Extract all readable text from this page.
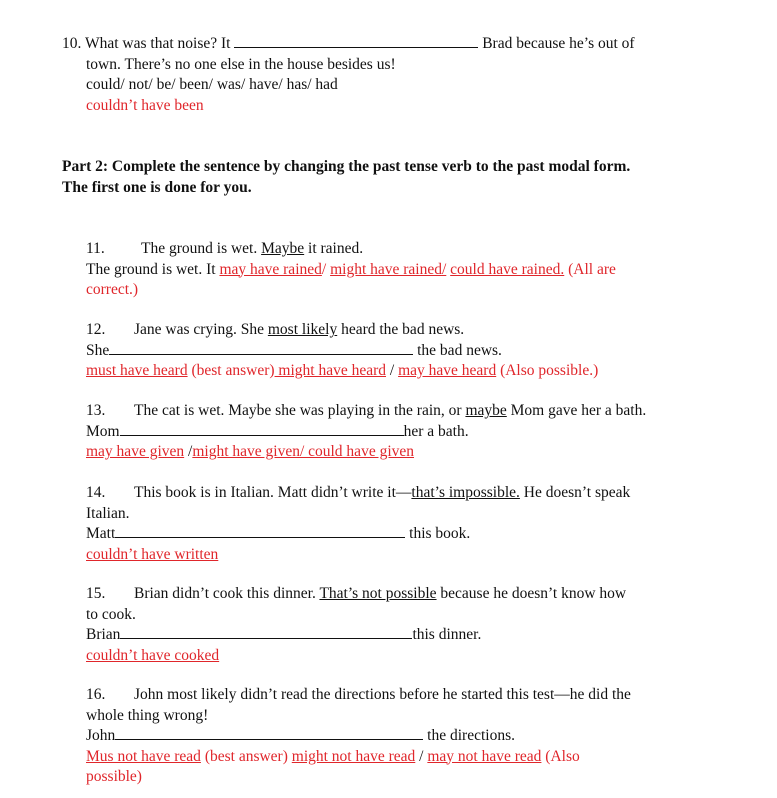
10. What was that noise? It	Brad because he’s out of
town. There’s no one else in the house besides us!
could/ not/ be/ been/ was/ have/ has/ had
couldn’t have been
Part 2: Complete the sentence by changing the past tense verb to the past modal form.
The first one is done for you.
11. The ground is wet. Maybe it rained.
The ground is wet. It may have rained/ might have rained/ could have rained. (All are
correct.)
12. Jane was crying. She most likely heard the bad news.
She	the bad news.
must have heard (best answer) might have heard / may have heard (Also possible.)
13. The cat is wet. Maybe she was playing in the rain, or maybe Mom gave her a bath.
Mom	her a bath.
may have given /might have given/ could have given
14. This book is in Italian. Matt didn’t write it—that’s impossible. He doesn’t speak
Italian.
Matt	this book.
couldn’t have written
15. Brian didn’t cook this dinner. That’s not possible because he doesn’t know how
to cook.
Brian	this dinner.
couldn’t have cooked
16. John most likely didn’t read the directions before he started this test—he did the
whole thing wrong!
John	the directions.
Mus not have read (best answer) might not have read / may not have read (Also
possible)
